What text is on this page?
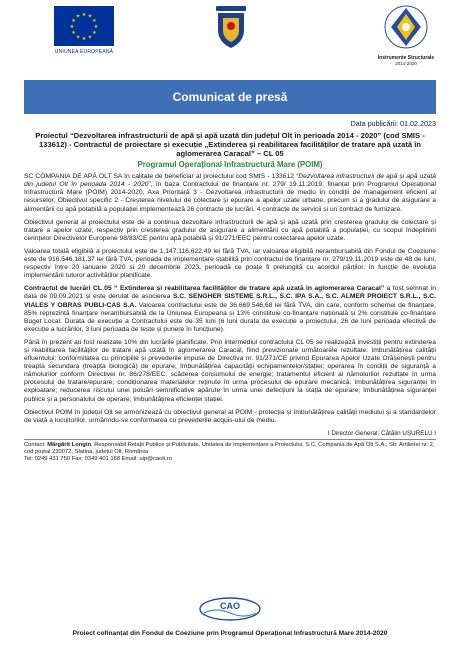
★ ★
★
★
★
★
★
★
★
★
★
★
UNIUNEA EUROPEANĂ
Instrumente Structurale
2014-2020
Comunicat de presă
Data publicării: 01.02.2023
Proiectul “Dezvoltarea infrastructurii de apă și apă uzată din județul Olt în perioada 2014 - 2020” (cod SMIS - 133612) - Contractul de proiectare și execuție „Extinderea și reabilitarea facilităților de tratare apă uzată în aglomerarea Caracal” – CL 05
Programul Operațional Infrastructură Mare (POIM)

SC COMPANIA DE APĂ OLT SA în calitate de beneficiar al proiectului cod SMIS - 133612 “Dezvoltarea infrastructurii de apă și apă uzată din județul Olt în perioada 2014 - 2020”, în baza Contractului de finanțare nr. 279/ 19.11.2019, finanțat prin Programul Operațional Infrastructură Mare (POIM) 2014-2020, Axa Prioritară 3 - Dezvoltarea infrastructurii de mediu în condiții de management eficient al resurselor, Obiectivul specific 2 - Creșterea nivelului de colectare și epurare a apelor uzate urbane, precum și a gradului de asigurare a alimentării cu apă potabilă a populației implementează 26 contracte de lucrări, 4 contracte de servicii și un contract de furnizare.

Obiectivul general al proiectului este de a continua dezvoltare infrastructurii de apă și apă uzată prin creșterea gradului de colectare și tratare a apelor uzate, respectiv prin creșterea gradului de asigurare a alimentării cu apă potabilă a populației, cu scopul îndeplinirii cerințelor Directivelor Europene 98/83/CE pentru apă potabilă și 91/271/EEC pentru colectarea apelor uzate.

Valoarea totală eligibilă a proiectului este de 1.147.116.622,49 lei fără TVA, iar valoarea eligibilă nerambursabilă din Fondul de Coeziune este de 916.546.181,37 lei fără TVA, perioada de implementare stabilită prin contractul de finanțare nr. 279/19.11.2019 este de 48 de luni, respectiv între 20 ianuarie 2020 și 20 decembrie 2023, perioadă ce poate fi prelungită cu acordul părților, în funcție de evoluția implementării tuturor activităților planificate.

Contractul de lucrări CL 05 “ Extinderea și reabilitarea facilităților de tratare apă uzată în aglomerarea Caracal” a fost semnat în data de 09.09.2021 și este derulat de asocierea S.C. SENGHER SISTEME S.R.L., S.C. IPA S.A., S.C. ALMER PROIECT S.R.L., S.C. VIALES Y OBRAS PUBLI-CAS S.A. Valoarea contractului este de 36.669.546,68 lei fără TVA, din care, conform schemei de finanțare, 85% reprezintă finanțare nerambursabilă de la Uniunea Europeana și 13% constituie co-finanțare națională și 2% constituie co-finanțare Buget Local. Durata de execuție a Contractului este de 35 luni (6 luni durata de execuție a proiectului, 26 de luni perioada efectivă de execuție a lucrărilor, 3 luni perioada de teste și punere în funcțiune).

Până în prezent au fost realizate 10% din lucrările planificate. Prin intermediul contractului CL 05 se realizează investiții pentru extinderea și reabilitarea facilităților de tratare apă uzată în aglomerarea Caracal, fiind previzionate următoarele rezultate: îmbunătățirea calității efluentului; conformitatea cu principiile și prevederile impuse de Directiva nr. 91/271/CE privind Epurarea Apelor Uzate Orășenești pentru treapta secundara (treapta biologică) de epurare; îmbunătățirea capacității echipamentelor/stației; operarea în condiții de siguranță a nămolurilor conform Directivei nr. 86/278/EEC; scăderea consumului de energie; tratamentul eficient al nămolurilor rezultate în urma procesului de tratare/epurare; condiționarea materialelor reținute în urma procesului de epurare mecanică; îmbunătățirea siguranței în exploatare; reducerea riscului unei poluări semnificative apărute în urma unei defecțiuni la stația de epurare; îmbunătățirea siguranței publice și a personalului de operare; îmbunătățirea eficienței stației.

Obiectivul POIM în județul Olt se armonizează cu obiectivul general al POIM - protecția și îmbunătățirea calității mediului și a standardelor de viață a locuitorilor, urmărindu-se conformarea cu prevederile acquis-ului de mediu.

I Director General: Cătălin UȘURELU I
Contact: Mărgărit Longin, Responsabil Relații Publice și Publicitate, Unitatea de Implementare a Proiectului, S.C. Compania de Apă Olt S.A., Str. Artileriei nr. 2, cod poștal 230072, Slatina, județul Olt, România
Tel: 0249 431 750 Fax: 0349 401 168 Email: uip@caolt.ro
CAO
Proiect cofinanțat din Fondul de Coeziune prin Programul Operațional Infrastructură Mare 2014-2020
